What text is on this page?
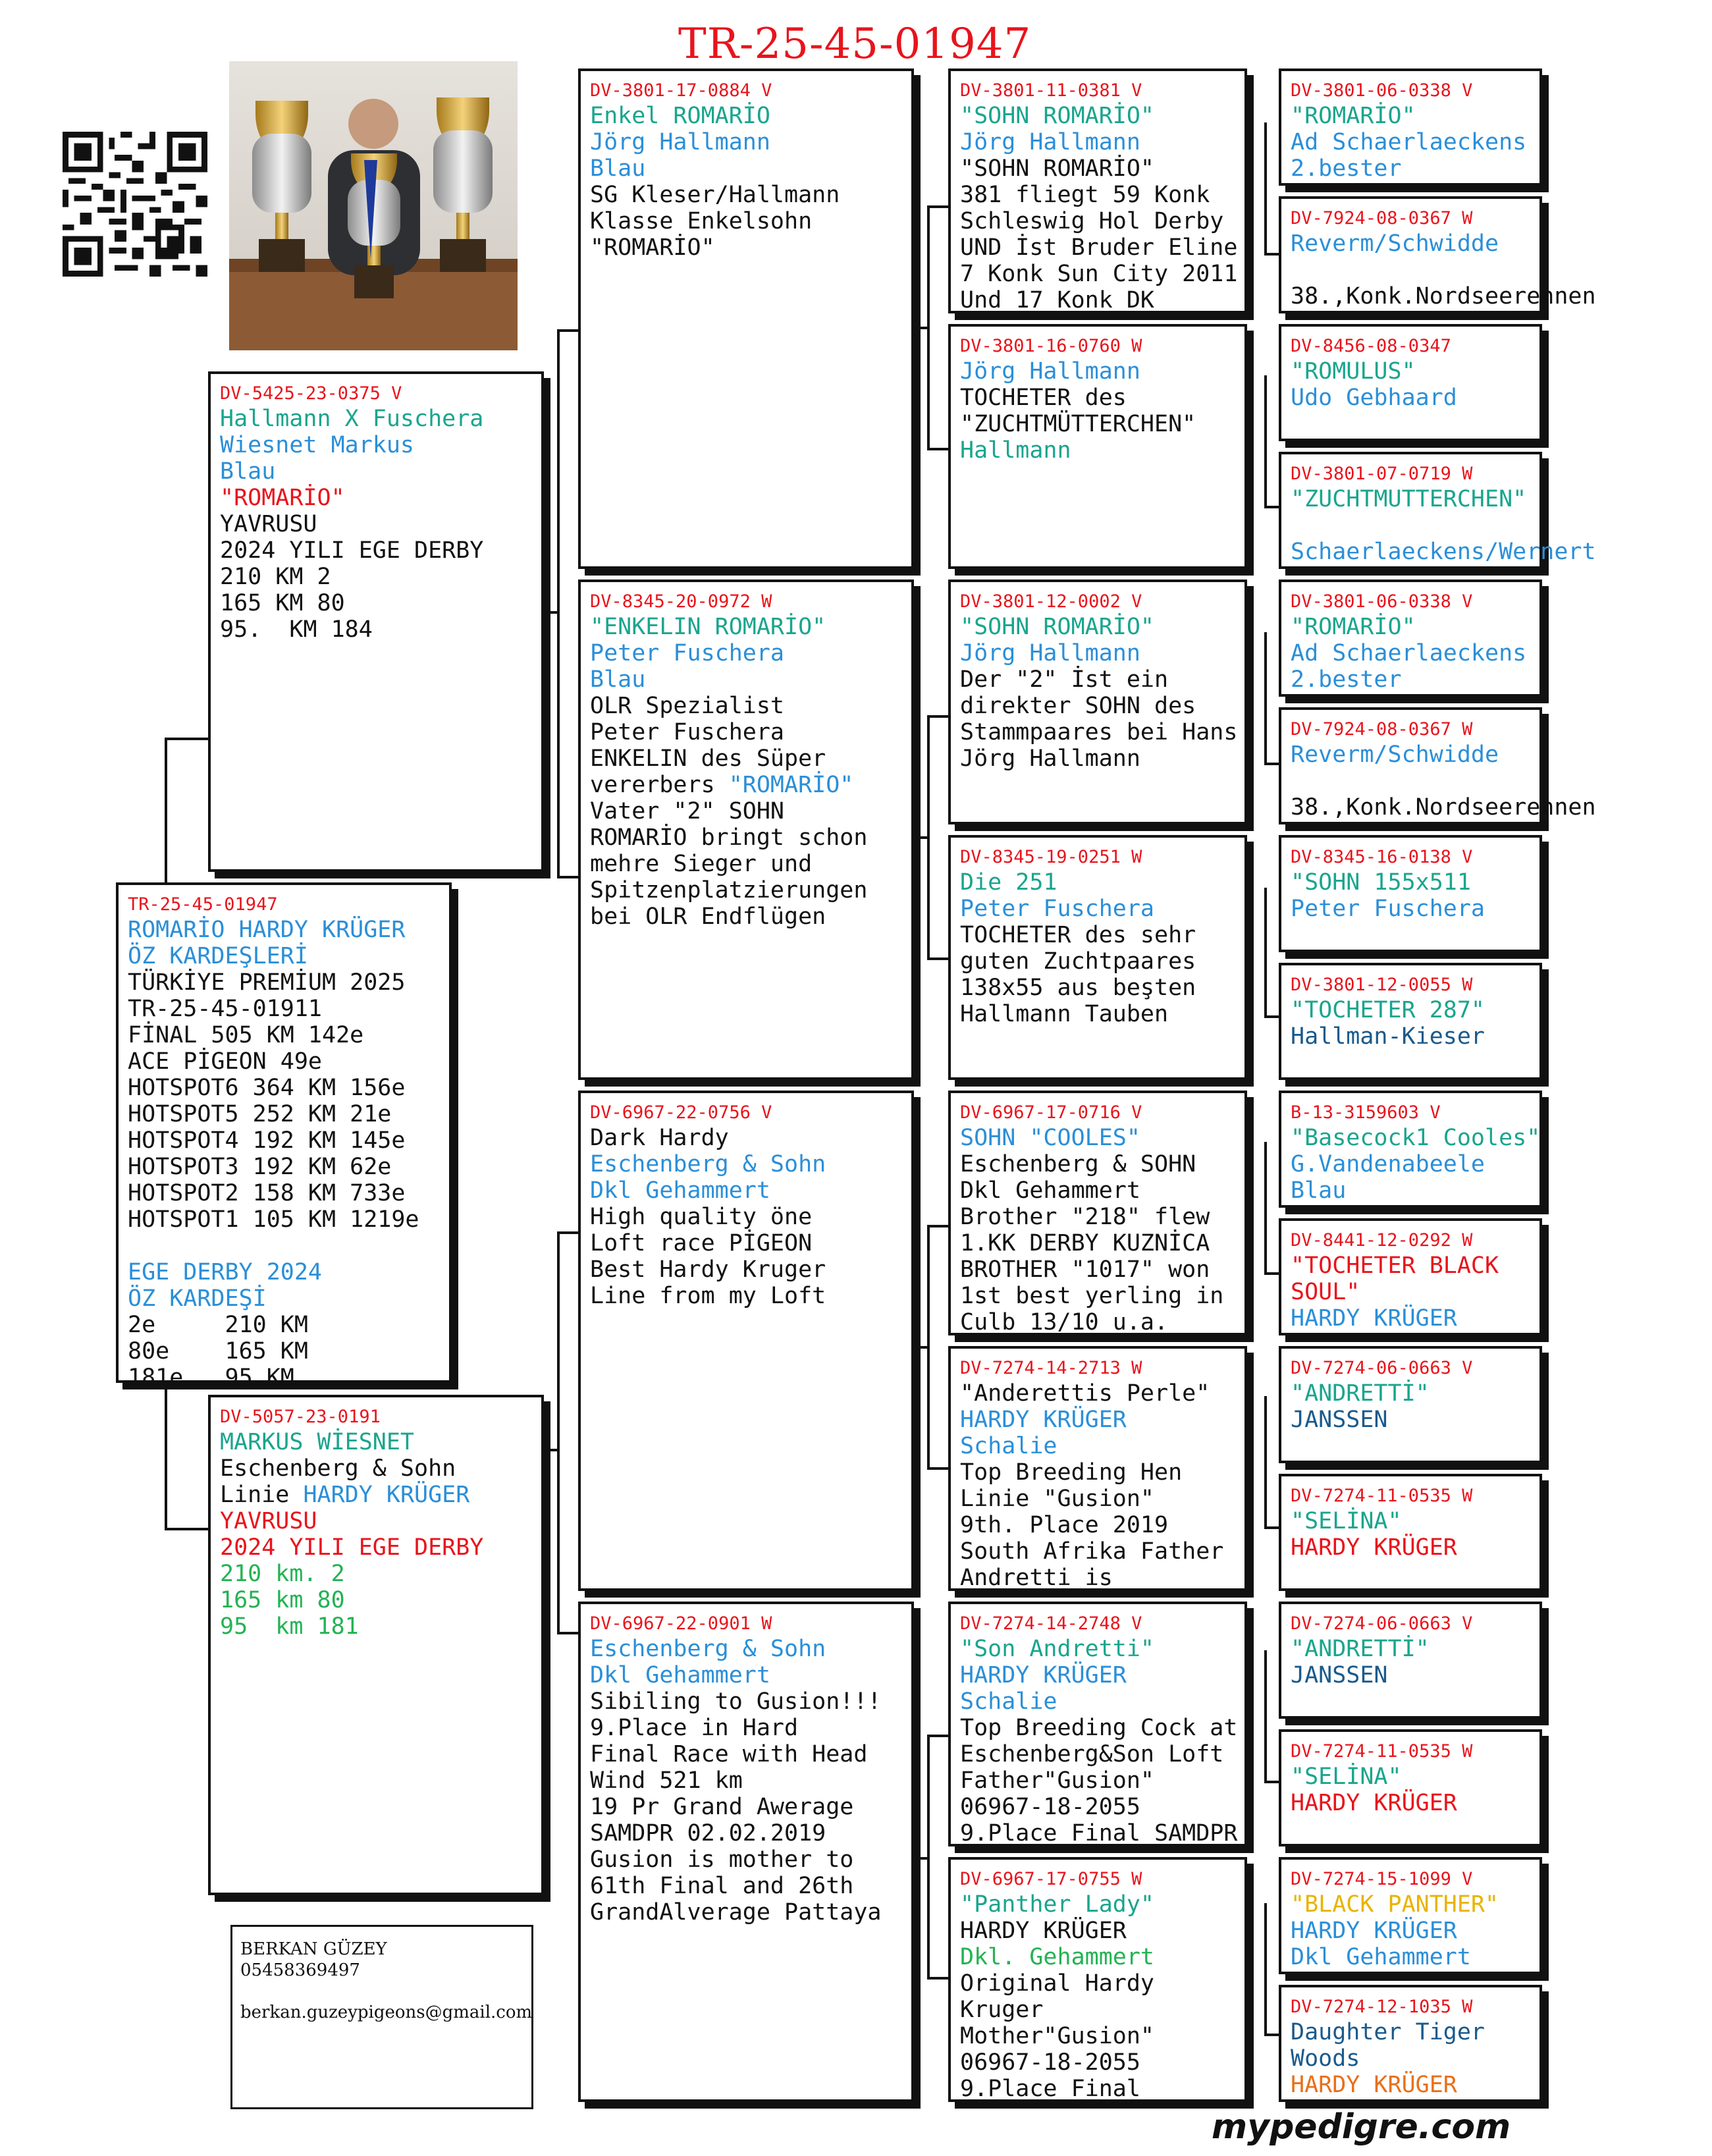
TR-25-45-01947
TR-25-45-01947
ROMARİO HARDY KRÜGER
ÖZ KARDEŞLERİ
TÜRKİYE PREMİUM 2025
TR-25-45-01911
FİNAL 505 KM 142e
ACE PİGEON 49e
HOTSPOT6 364 KM 156e
HOTSPOT5 252 KM 21e
HOTSPOT4 192 KM 145e
HOTSPOT3 192 KM 62e
HOTSPOT2 158 KM 733e
HOTSPOT1 105 KM 1219e

EGE DERBY 2024
ÖZ KARDEŞİ
2e     210 KM
80e    165 KM
181e   95 KM
DV-5425-23-0375 V
Hallmann X Fuschera
Wiesnet Markus
Blau
"ROMARİO"
YAVRUSU
2024 YILI EGE DERBY
210 KM 2
165 KM 80
95.  KM 184
DV-5057-23-0191
MARKUS WİESNET
Eschenberg & Sohn
Linie HARDY KRÜGER
YAVRUSU
2024 YILI EGE DERBY
210 km. 2
165 km 80
95  km 181
DV-3801-17-0884 V
Enkel ROMARİO
Jörg Hallmann
Blau
SG Kleser/Hallmann
Klasse Enkelsohn
"ROMARİO"
DV-8345-20-0972 W
"ENKELIN ROMARİO"
Peter Fuschera
Blau
OLR Spezialist
Peter Fuschera
ENKELIN des Süper
vererbers "ROMARİO"
Vater "2" SOHN
ROMARİO bringt schon
mehre Sieger und
Spitzenplatzierungen
bei OLR Endflügen
DV-6967-22-0756 V
Dark Hardy
Eschenberg & Sohn
Dkl Gehammert
High quality öne
Loft race PİGEON
Best Hardy Kruger
Line from my Loft
DV-6967-22-0901 W
Eschenberg & Sohn
Dkl Gehammert
Sibiling to Gusion!!!
9.Place in Hard
Final Race with Head
Wind 521 km
19 Pr Grand Awerage
SAMDPR 02.02.2019
Gusion is mother to
61th Final and 26th
GrandAlverage Pattaya
DV-3801-11-0381 V
"SOHN ROMARİO"
Jörg Hallmann
"SOHN ROMARİO"
381 fliegt 59 Konk
Schleswig Hol Derby
UND İst Bruder Eline
7 Konk Sun City 2011
Und 17 Konk DK
DV-3801-16-0760 W
Jörg Hallmann
TOCHETER des
"ZUCHTMÜTTERCHEN"
Hallmann
DV-3801-12-0002 V
"SOHN ROMARİO"
Jörg Hallmann
Der "2" İst ein
direkter SOHN des
Stammpaares bei Hans
Jörg Hallmann
DV-8345-19-0251 W
Die 251
Peter Fuschera
TOCHETER des sehr
guten Zuchtpaares
138x55 aus beşten
Hallmann Tauben
DV-6967-17-0716 V
SOHN "COOLES"
Eschenberg & SOHN
Dkl Gehammert
Brother "218" flew
1.KK DERBY KUZNİCA
BROTHER "1017" won
1st best yerling in
Culb 13/10 u.a.
DV-7274-14-2713 W
"Anderettis Perle"
HARDY KRÜGER
Schalie
Top Breeding Hen
Linie "Gusion"
9th. Place 2019
South Afrika Father
Andretti is
DV-7274-14-2748 V
"Son Andretti"
HARDY KRÜGER
Schalie
Top Breeding Cock at
Eschenberg&Son Loft
Father"Gusion"
06967-18-2055
9.Place Final SAMDPR
DV-6967-17-0755 W
"Panther Lady"
HARDY KRÜGER
Dkl. Gehammert
Original Hardy
Kruger
Mother"Gusion"
06967-18-2055
9.Place Final
DV-3801-06-0338 V
"ROMARİO"
Ad Schaerlaeckens
2.bester
DV-7924-08-0367 W
Reverm/Schwidde

38.,Konk.Nordseerennen
DV-8456-08-0347
"ROMULUS"
Udo Gebhaard
DV-3801-07-0719 W
"ZUCHTMUTTERCHEN"

Schaerlaeckens/Wernert
DV-3801-06-0338 V
"ROMARİO"
Ad Schaerlaeckens
2.bester
DV-7924-08-0367 W
Reverm/Schwidde

38.,Konk.Nordseerennen
DV-8345-16-0138 V
"SOHN 155x511
Peter Fuschera
DV-3801-12-0055 W
"TOCHETER 287"
Hallman-Kieser
B-13-3159603 V
"Basecock1 Cooles"
G.Vandenabeele
Blau
DV-8441-12-0292 W
"TOCHETER BLACK
SOUL"
HARDY KRÜGER
DV-7274-06-0663 V
"ANDRETTİ"
JANSSEN
DV-7274-11-0535 W
"SELİNA"
HARDY KRÜGER
DV-7274-06-0663 V
"ANDRETTİ"
JANSSEN
DV-7274-11-0535 W
"SELİNA"
HARDY KRÜGER
DV-7274-15-1099 V
"BLACK PANTHER"
HARDY KRÜGER
Dkl Gehammert
DV-7274-12-1035 W
Daughter Tiger
Woods
HARDY KRÜGER
BERKAN GÜZEY
05458369497

berkan.guzeypigeons@gmail.com
mypedigre.com
